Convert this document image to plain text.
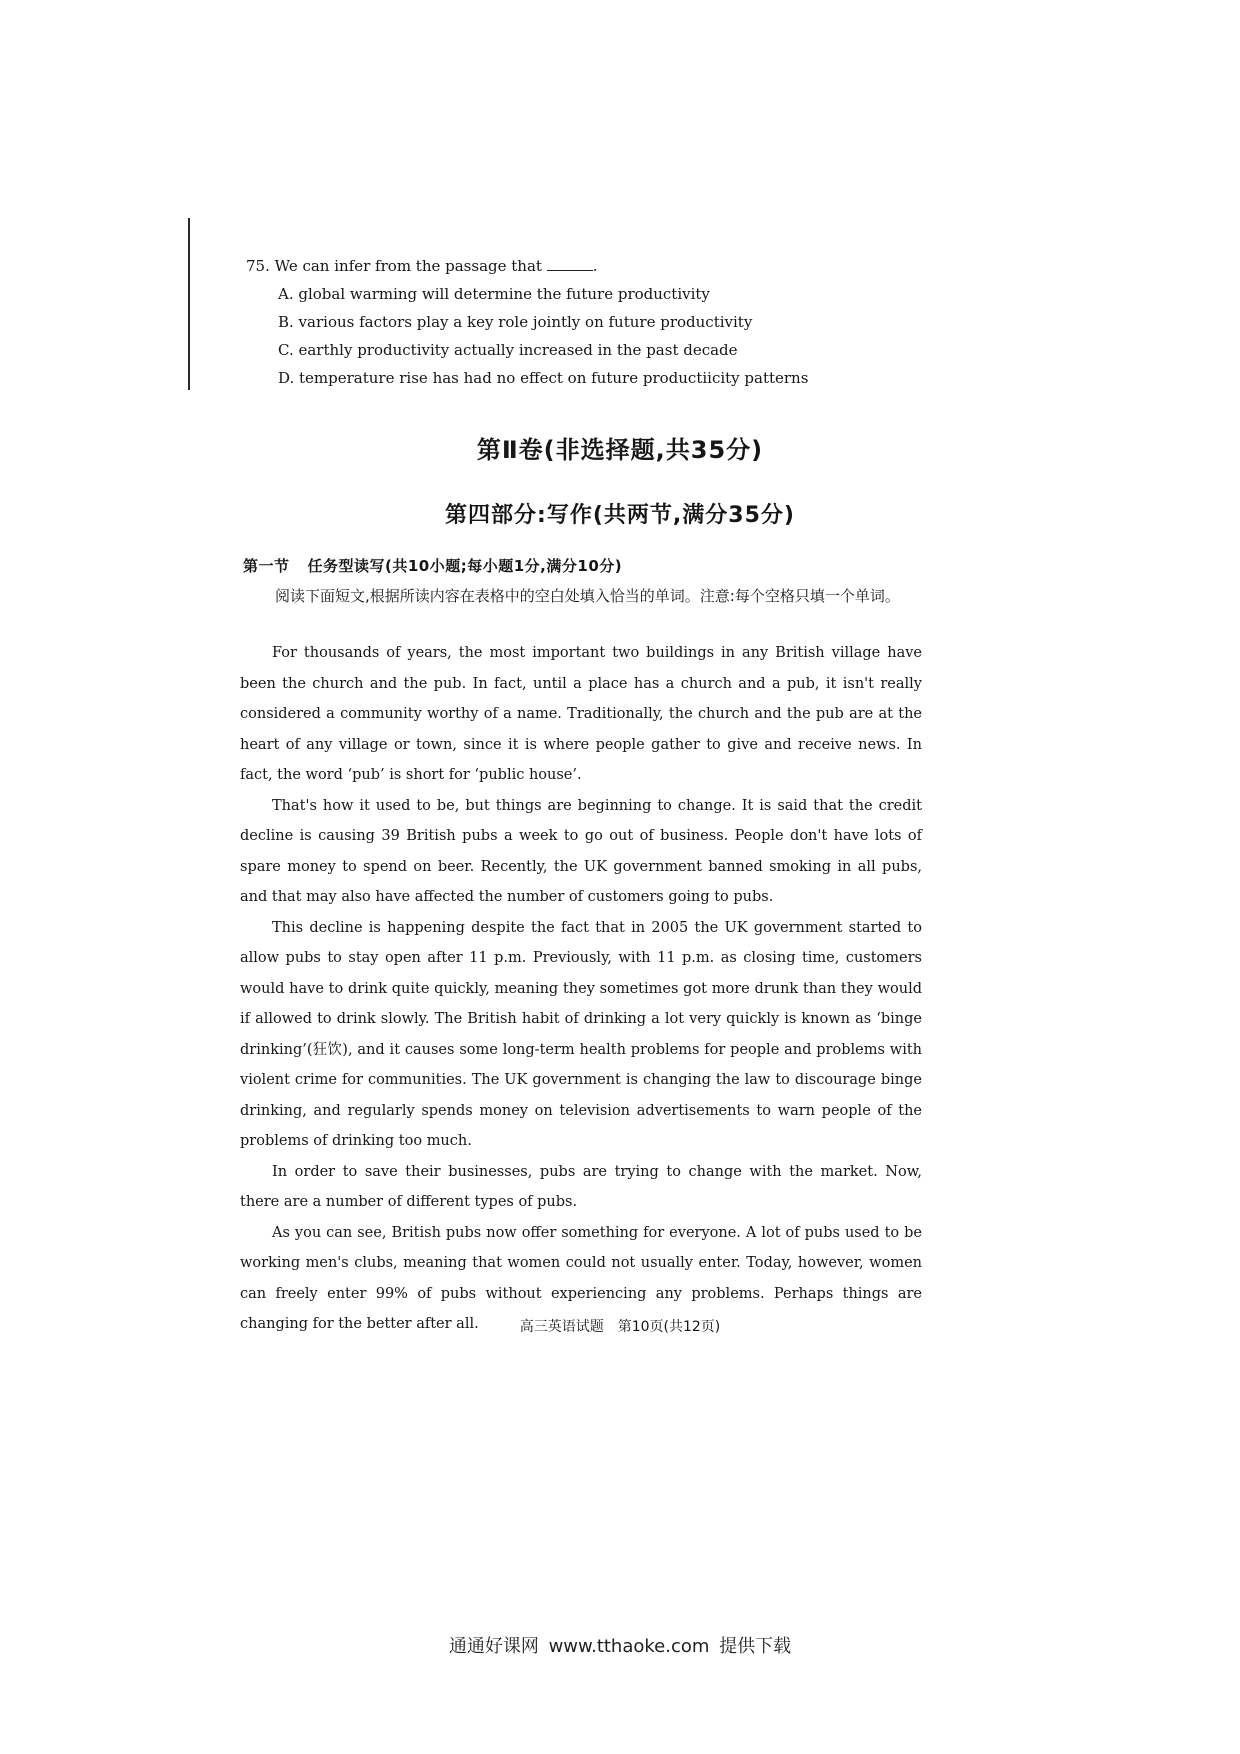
75. We can infer from the passage that	.

A. global warming will determine the future productivity
B. various factors play a key role jointly on future productivity
C. earthly productivity actually increased in the past decade
D. temperature rise has had no effect on future productiicity patterns
第Ⅱ卷(非选择题,共35分)
第四部分:写作(共两节,满分35分)
第一节 任务型读写(共10小题;每小题1分,满分10分)

阅读下面短文,根据所读内容在表格中的空白处填入恰当的单词。注意:每个空格只填一个单词。

For thousands of years, the most important two buildings in any British village have been the church and the pub. In fact, until a place has a church and a pub, it isn't really considered a community worthy of a name. Traditionally, the church and the pub are at the heart of any village or town, since it is where people gather to give and receive news. In fact, the word ‘pub’ is short for ‘public house’.

That's how it used to be, but things are beginning to change. It is said that the credit decline is causing 39 British pubs a week to go out of business. People don't have lots of spare money to spend on beer. Recently, the UK government banned smoking in all pubs, and that may also have affected the number of customers going to pubs.

This decline is happening despite the fact that in 2005 the UK government started to allow pubs to stay open after 11 p.m. Previously, with 11 p.m. as closing time, customers would have to drink quite quickly, meaning they sometimes got more drunk than they would if allowed to drink slowly. The British habit of drinking a lot very quickly is known as ‘binge drinking’(狂饮), and it causes some long-term health problems for people and problems with violent crime for communities. The UK government is changing the law to discourage binge drinking, and regularly spends money on television advertisements to warn people of the problems of drinking too much.

In order to save their businesses, pubs are trying to change with the market. Now, there are a number of different types of pubs.

As you can see, British pubs now offer something for everyone. A lot of pubs used to be working men's clubs, meaning that women could not usually enter. Today, however, women can freely enter 99% of pubs without experiencing any problems. Perhaps things are changing for the better after all.	高三英语试题 第10页(共12页)
通通好课网 www.tthaoke.com 提供下载
